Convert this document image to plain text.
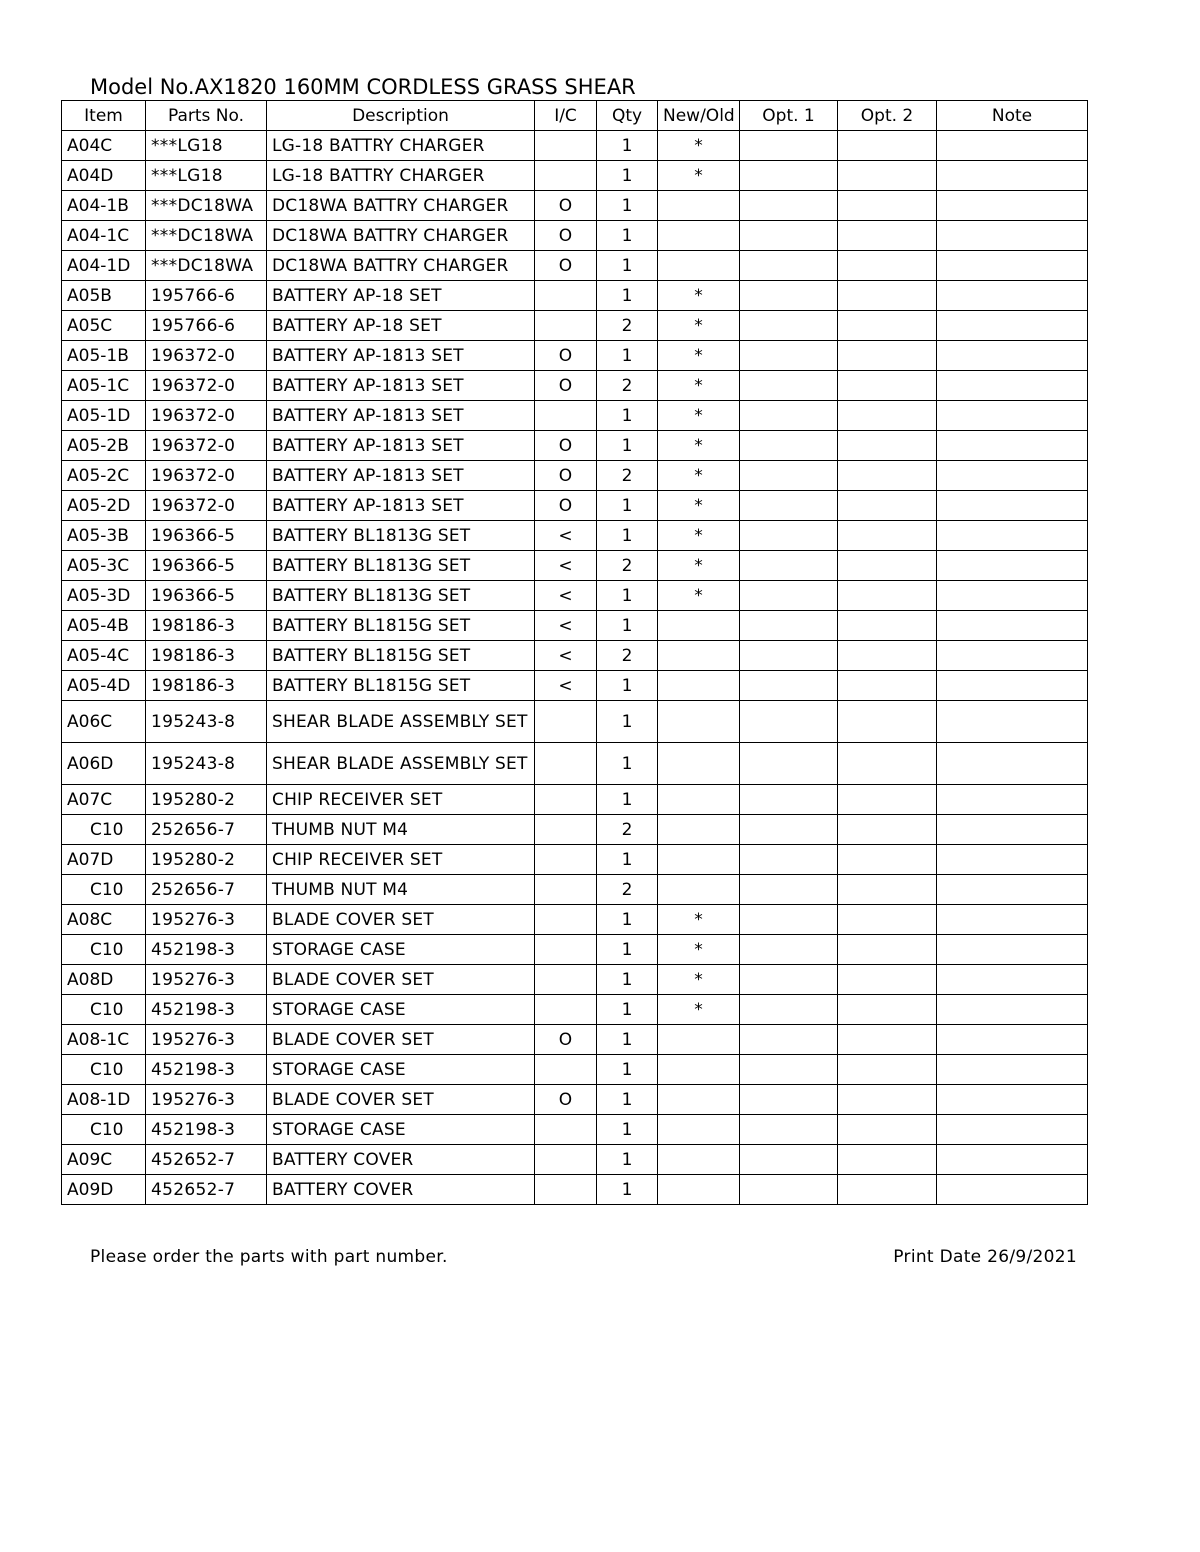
Model No.AX1820 160MM CORDLESS GRASS SHEAR
Item	Parts No.	Description	I/C	Qty	New/Old	Opt. 1	Opt. 2	Note
A04C	***LG18	LG-18 BATTRY CHARGER		1	*			
A04D	***LG18	LG-18 BATTRY CHARGER		1	*			
A04-1B	***DC18WA	DC18WA BATTRY CHARGER	O	1				
A04-1C	***DC18WA	DC18WA BATTRY CHARGER	O	1				
A04-1D	***DC18WA	DC18WA BATTRY CHARGER	O	1				
A05B	195766-6	BATTERY AP-18 SET		1	*			
A05C	195766-6	BATTERY AP-18 SET		2	*			
A05-1B	196372-0	BATTERY AP-1813 SET	O	1	*			
A05-1C	196372-0	BATTERY AP-1813 SET	O	2	*			
A05-1D	196372-0	BATTERY AP-1813 SET		1	*			
A05-2B	196372-0	BATTERY AP-1813 SET	O	1	*			
A05-2C	196372-0	BATTERY AP-1813 SET	O	2	*			
A05-2D	196372-0	BATTERY AP-1813 SET	O	1	*			
A05-3B	196366-5	BATTERY BL1813G SET	<	1	*			
A05-3C	196366-5	BATTERY BL1813G SET	<	2	*			
A05-3D	196366-5	BATTERY BL1813G SET	<	1	*			
A05-4B	198186-3	BATTERY BL1815G SET	<	1				
A05-4C	198186-3	BATTERY BL1815G SET	<	2				
A05-4D	198186-3	BATTERY BL1815G SET	<	1				
A06C	195243-8	SHEAR BLADE ASSEMBLY SET		1				
A06D	195243-8	SHEAR BLADE ASSEMBLY SET		1				
A07C	195280-2	CHIP RECEIVER SET		1				
C10	252656-7	THUMB NUT M4		2				
A07D	195280-2	CHIP RECEIVER SET		1				
C10	252656-7	THUMB NUT M4		2				
A08C	195276-3	BLADE COVER SET		1	*			
C10	452198-3	STORAGE CASE		1	*			
A08D	195276-3	BLADE COVER SET		1	*			
C10	452198-3	STORAGE CASE		1	*			
A08-1C	195276-3	BLADE COVER SET	O	1				
C10	452198-3	STORAGE CASE		1				
A08-1D	195276-3	BLADE COVER SET	O	1				
C10	452198-3	STORAGE CASE		1				
A09C	452652-7	BATTERY COVER		1				
A09D	452652-7	BATTERY COVER		1				
Please order the parts with part number.	Print Date 26/9/2021
